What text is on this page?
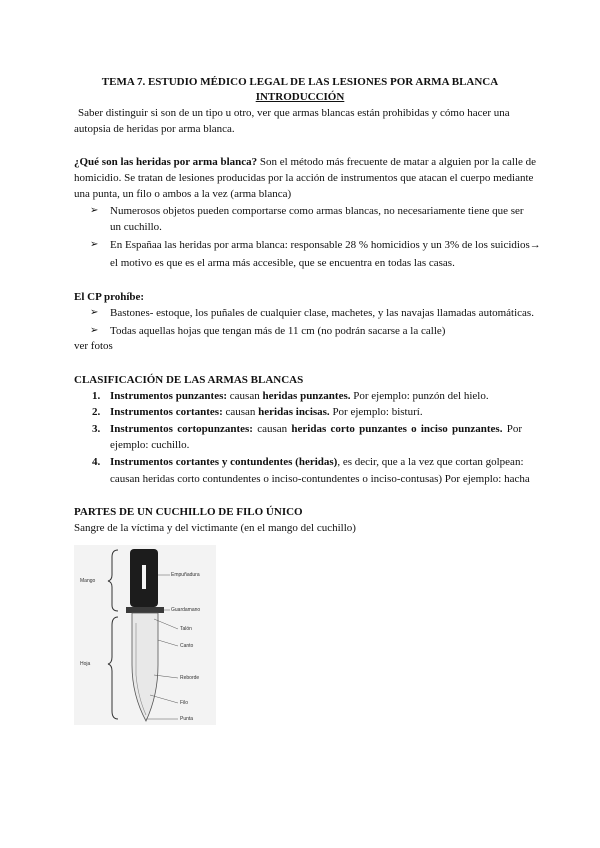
TEMA 7. ESTUDIO MÉDICO LEGAL DE LAS LESIONES POR ARMA BLANCA
INTRODUCCIÓN
Saber distinguir si son de un tipo u otro, ver que armas blancas están prohibidas y cómo hacer una
autopsia de heridas por arma blanca.
¿Qué son las heridas por arma blanca? Son el método más frecuente de matar a alguien por la calle de
homicidio. Se tratan de lesiones producidas por la acción de instrumentos que atacan el cuerpo mediante
una punta, un filo o ambos a la vez (arma blanca)
➢ Numerosos objetos pueden comportarse como armas blancas, no necesariamente tiene que ser
un cuchillo.
➢ En Españaa las heridas por arma blanca: responsable 28 % homicidios y un 3% de los suicidios→
el motivo es que es el arma más accesible, que se encuentra en todas las casas.
El CP prohíbe:
➢ Bastones- estoque, los puñales de cualquier clase, machetes, y las navajas llamadas automáticas.
➢ Todas aquellas hojas que tengan más de 11 cm (no podrán sacarse a la calle)
ver fotos
CLASIFICACIÓN DE LAS ARMAS BLANCAS
1. Instrumentos punzantes: causan heridas punzantes. Por ejemplo: punzón del hielo.
2. Instrumentos cortantes: causan heridas incisas. Por ejemplo: bisturí.
3. Instrumentos cortopunzantes: causan heridas corto punzantes o inciso punzantes. Por
ejemplo: cuchillo.
4. Instrumentos cortantes y contundentes (heridas), es decir, que a la vez que cortan golpean:
causan heridas corto contundentes o inciso-contundentes o inciso-contusas) Por ejemplo: hacha
PARTES DE UN CUCHILLO DE FILO ÚNICO
Sangre de la víctima y del victimante (en el mango del cuchillo)
Mango
Hoja
Empuñadura
Guardamano
Talón
Canto
Reborde
Filo
Punta
